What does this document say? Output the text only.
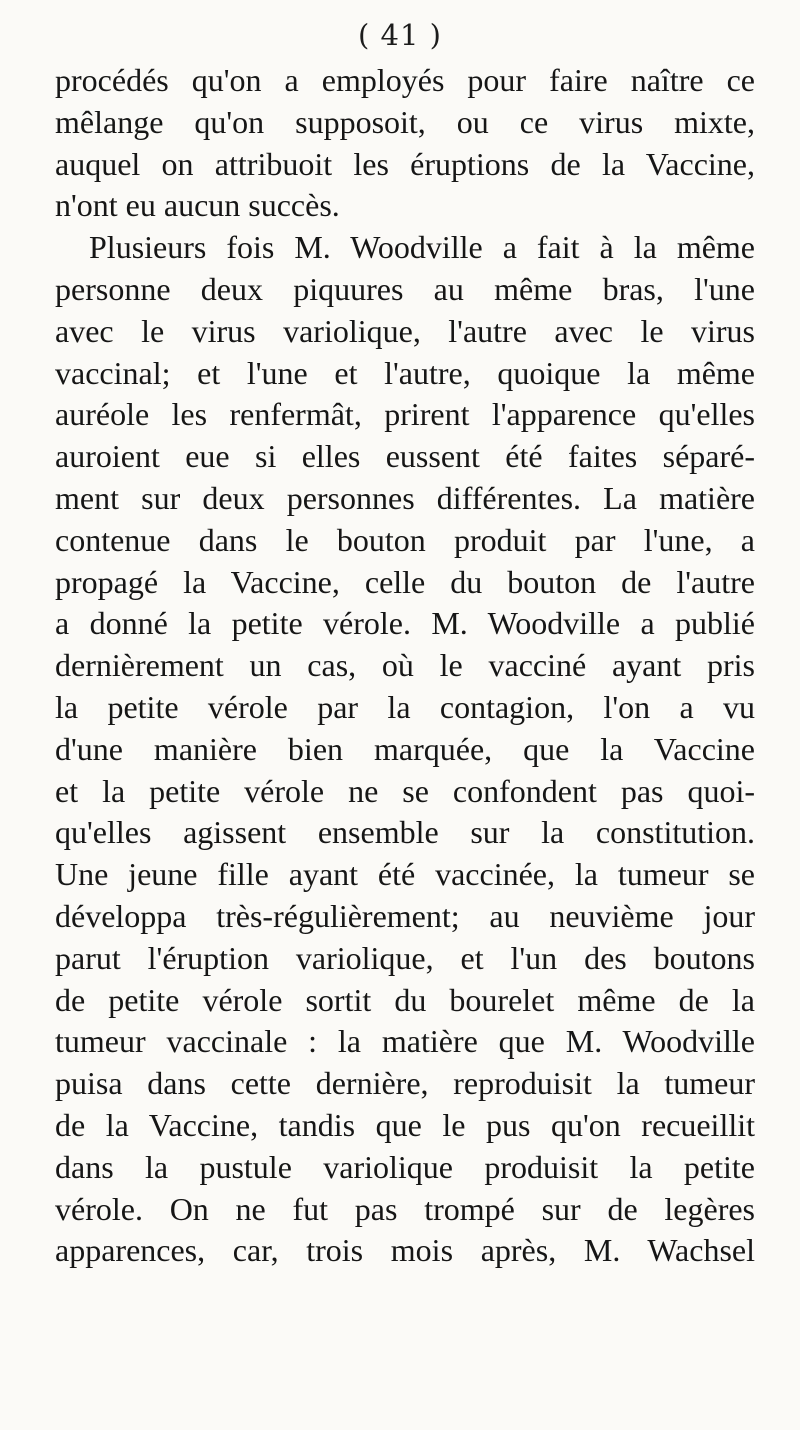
( 41 )
procédés qu'on a employés pour faire naître ce
mêlange qu'on supposoit, ou ce virus mixte,
auquel on attribuoit les éruptions de la Vaccine,
n'ont eu aucun succès.
Plusieurs fois M. Woodville a fait à la même
personne deux piquures au même bras, l'une
avec le virus variolique, l'autre avec le virus
vaccinal; et l'une et l'autre, quoique la même
auréole les renfermât, prirent l'apparence qu'elles
auroient eue si elles eussent été faites séparé-
ment sur deux personnes différentes. La matière
contenue dans le bouton produit par l'une, a
propagé la Vaccine, celle du bouton de l'autre
a donné la petite vérole. M. Woodville a publié
dernièrement un cas, où le vacciné ayant pris
la petite vérole par la contagion, l'on a vu
d'une manière bien marquée, que la Vaccine
et la petite vérole ne se confondent pas quoi-
qu'elles agissent ensemble sur la constitution.
Une jeune fille ayant été vaccinée, la tumeur se
développa très-régulièrement; au neuvième jour
parut l'éruption variolique, et l'un des boutons
de petite vérole sortit du bourelet même de la
tumeur vaccinale : la matière que M. Woodville
puisa dans cette dernière, reproduisit la tumeur
de la Vaccine, tandis que le pus qu'on recueillit
dans la pustule variolique produisit la petite
vérole. On ne fut pas trompé sur de legères
apparences, car, trois mois après, M. Wachsel
